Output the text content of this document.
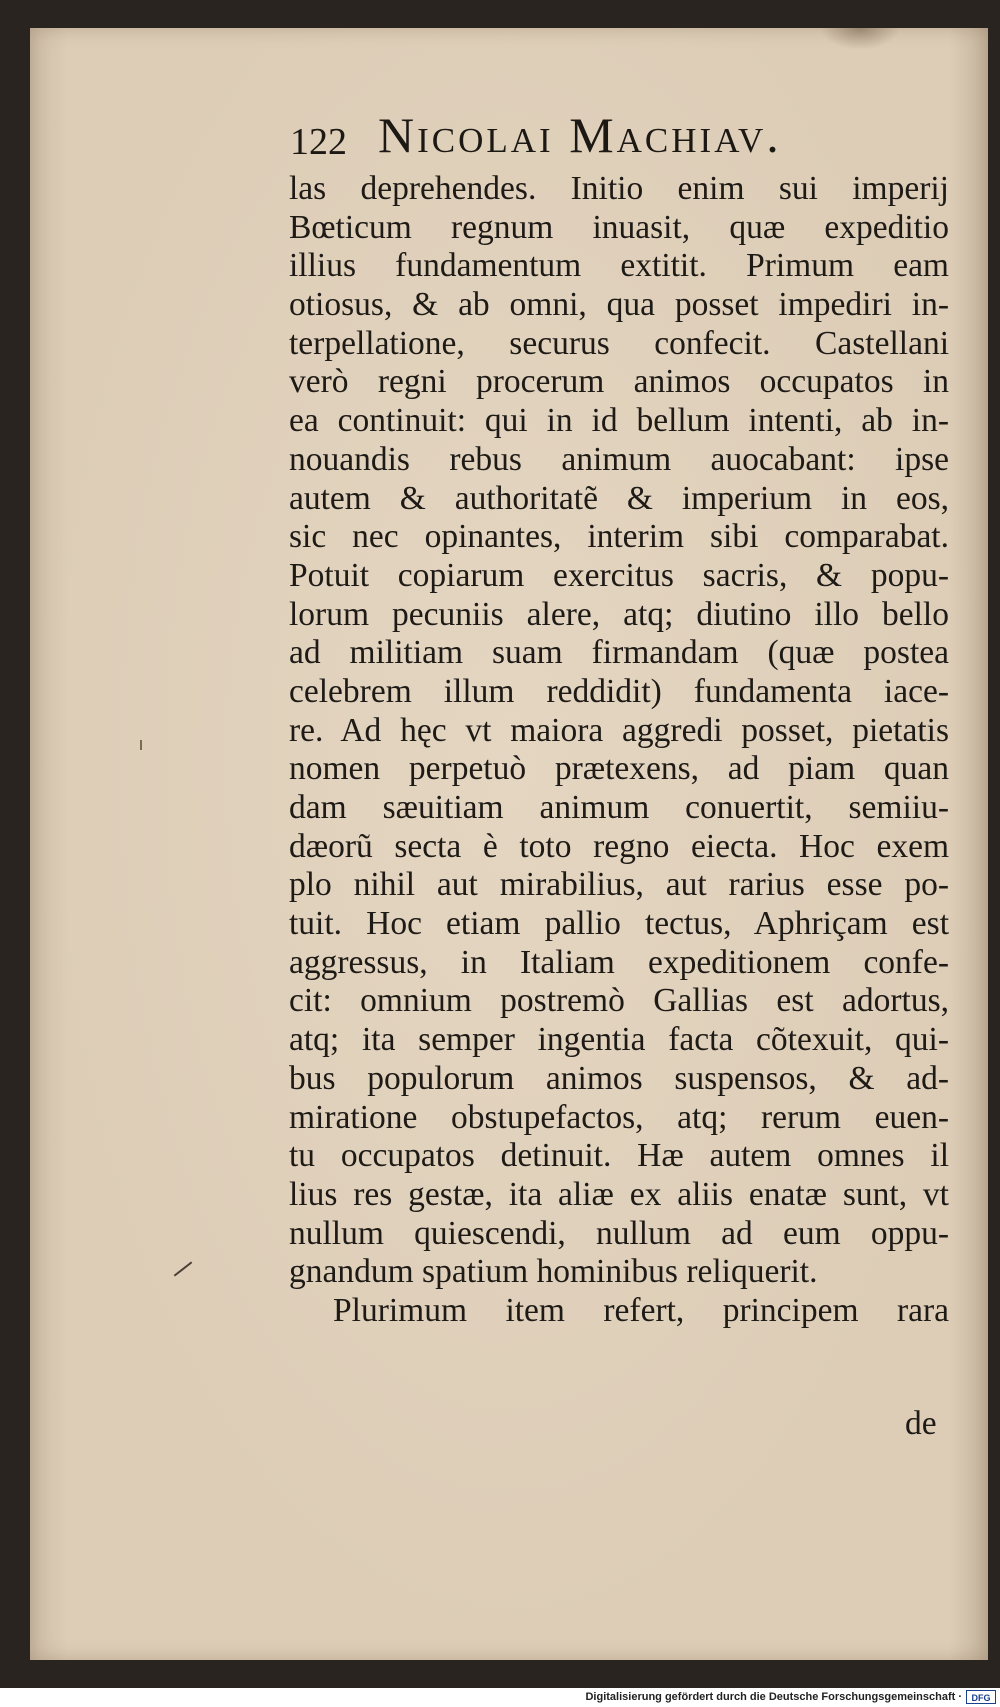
122 Nicolai Machiav.
las deprehendes. Initio enim sui imperij
Bœticum regnum inuasit, quæ expeditio
illius fundamentum extitit. Primum eam
otiosus, & ab omni, qua posset impediri in-
terpellatione, securus confecit. Castellani
verò regni procerum animos occupatos in
ea continuit: qui in id bellum intenti, ab in-
nouandis rebus animum auocabant: ipse
autem & authoritatẽ & imperium in eos,
sic nec opinantes, interim sibi comparabat.
Potuit copiarum exercitus sacris, & popu-
lorum pecuniis alere, atq; diutino illo bello
ad militiam suam firmandam (quæ postea
celebrem illum reddidit) fundamenta iace-
re. Ad hęc vt maiora aggredi posset, pietatis
nomen perpetuò prætexens, ad piam quan
dam sæuitiam animum conuertit, semiiu-
dæorũ secta è toto regno eiecta. Hoc exem
plo nihil aut mirabilius, aut rarius esse po-
tuit. Hoc etiam pallio tectus, Aphriçam est
aggressus, in Italiam expeditionem confe-
cit: omnium postremò Gallias est adortus,
atq; ita semper ingentia facta cõtexuit, qui-
bus populorum animos suspensos, & ad-
miratione obstupefactos, atq; rerum euen-
tu occupatos detinuit. Hæ autem omnes il
lius res gestæ, ita aliæ ex aliis enatæ sunt, vt
nullum quiescendi, nullum ad eum oppu-
gnandum spatium hominibus reliquerit.
Plurimum item refert, principem rara
de
Digitalisierung gefördert durch die Deutsche Forschungsgemeinschaft ·	DFG
